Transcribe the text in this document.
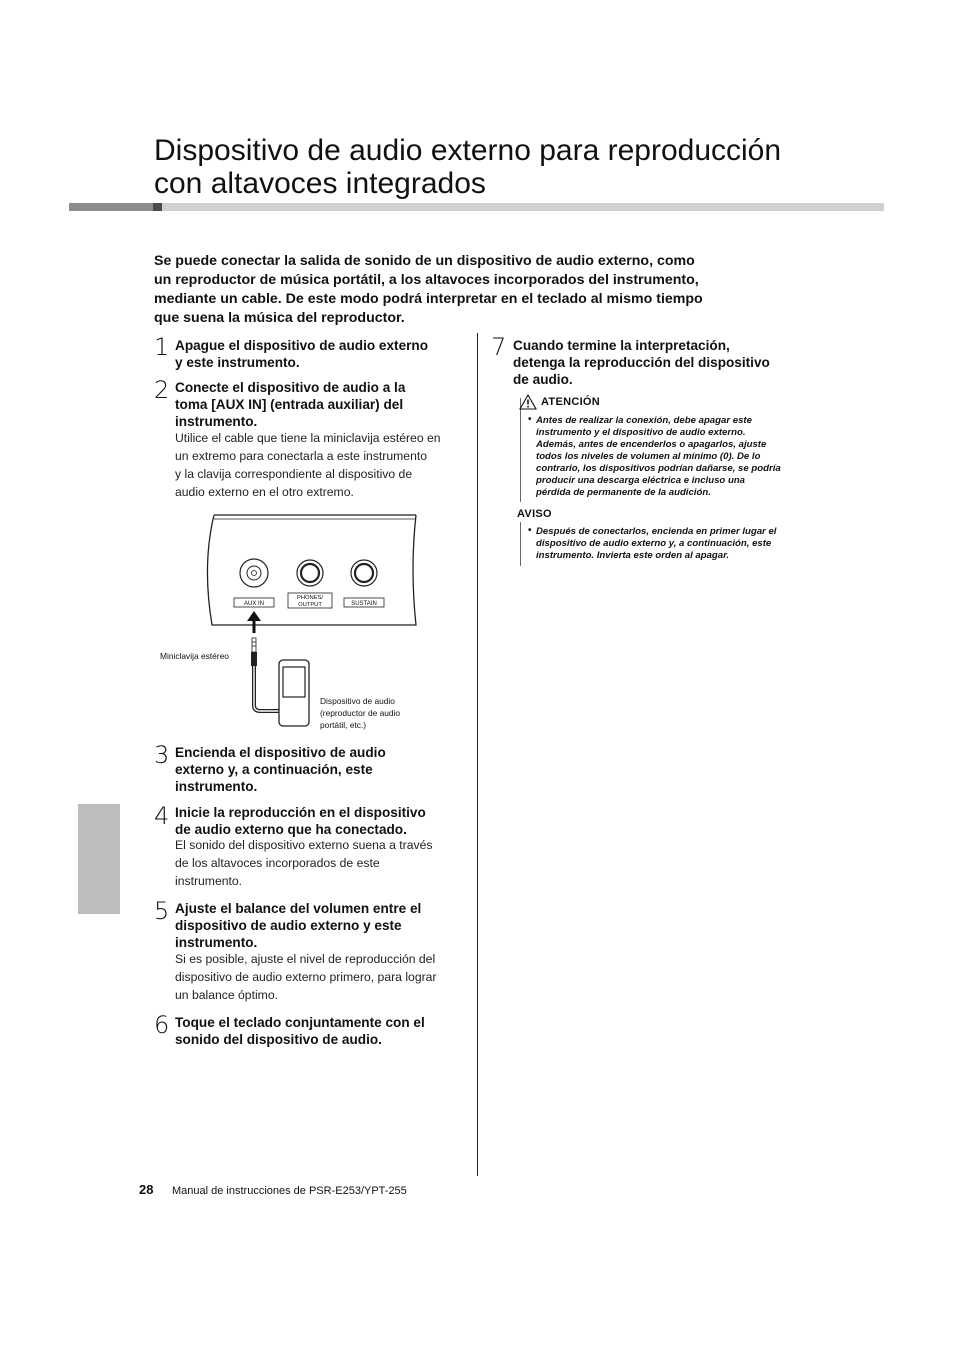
Dispositivo de audio externo para reproducción
con altavoces integrados
Se puede conectar la salida de sonido de un dispositivo de audio externo, como
un reproductor de música portátil, a los altavoces incorporados del instrumento,
mediante un cable. De este modo podrá interpretar en el teclado al mismo tiempo
que suena la música del reproductor.
1 Apague el dispositivo de audio externo
y este instrumento.
2 Conecte el dispositivo de audio a la
toma [AUX IN] (entrada auxiliar) del
instrumento.
Utilice el cable que tiene la miniclavija estéreo en
un extremo para conectarla a este instrumento
y la clavija correspondiente al dispositivo de
audio externo en el otro extremo.
AUX IN
PHONES/
OUTPUT	SUSTAIN
Miniclavija estéreo
Dispositivo de audio
(reproductor de audio
portátil, etc.)
3 Encienda el dispositivo de audio
externo y, a continuación, este
instrumento.
4 Inicie la reproducción en el dispositivo
de audio externo que ha conectado.
El sonido del dispositivo externo suena a través
de los altavoces incorporados de este
instrumento.
5 Ajuste el balance del volumen entre el
dispositivo de audio externo y este
instrumento.
Si es posible, ajuste el nivel de reproducción del
dispositivo de audio externo primero, para lograr
un balance óptimo.
6 Toque el teclado conjuntamente con el
sonido del dispositivo de audio.
7 Cuando termine la interpretación,
detenga la reproducción del dispositivo
de audio.
ATENCIÓN
• Antes de realizar la conexión, debe apagar este
instrumento y el dispositivo de audio externo.
Además, antes de encenderlos o apagarlos, ajuste
todos los niveles de volumen al mínimo (0). De lo
contrario, los dispositivos podrían dañarse, se podría
producir una descarga eléctrica e incluso una
pérdida de permanente de la audición.
AVISO
• Después de conectarlos, encienda en primer lugar el
dispositivo de audio externo y, a continuación, este
instrumento. Invierta este orden al apagar.
28 Manual de instrucciones de PSR-E253/YPT-255
